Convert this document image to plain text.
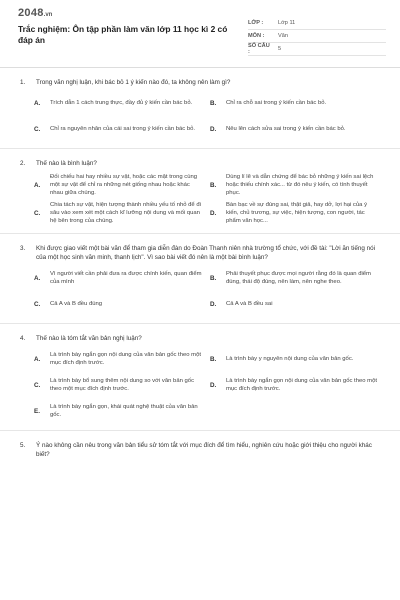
2048.vn
Trắc nghiệm: Ôn tập phần làm văn lớp 11 học kì 2 có đáp án
LỚP :	Lớp 11
MÔN :	Văn
SỐ CÂU :	5
1.	Trong văn nghị luận, khi bác bỏ 1 ý kiến nào đó, ta không nên làm gì?
A.	Trích dẫn 1 cách trung thực, đầy đủ ý kiến cần bác bỏ.	B.	Chỉ ra chỗ sai trong ý kiến cần bác bỏ.
C.	Chỉ ra nguyên nhân của cái sai trong ý kiến cần bác bỏ. D.	Nêu lên cách sửa sai trong ý kiến cần bác bỏ.
2.	Thế nào là bình luận?
A.
Đối chiếu hai hay nhiều sự vật, hoặc các mặt trong cùng một sự vật để chỉ ra những nét giống nhau hoặc khác nhau giữa chúng.
B.
Dùng lí lẽ và dẫn chứng để bác bỏ những ý kiến sai lệch hoặc thiếu chính xác... từ đó nêu ý kiến, có tính thuyết phục.
C.
Chia tách sự vật, hiện tượng thành nhiều yếu tố nhỏ để đi sâu vào xem xét một cách kĩ lưỡng nội dung và mối quan hệ bên trong của chúng.
D.
Bàn bạc về sự đúng sai, thật giả, hay dở, lợi hại của ý kiến, chủ trương, sự việc, hiện tượng, con người, tác phẩm văn học...
3.	Khi được giao viết một bài văn để tham gia diễn đàn do Đoàn Thanh niên nhà trường tổ chức, với đề tài: "Lời ăn tiếng nói của một học sinh văn minh, thanh lịch". Vì sao bài viết đó nên là một bài bình luận?
A.
Vì người viết cần phải đưa ra được chính kiến, quan điểm của mình
B.
Phải thuyết phục được mọi người rằng đó là quan điểm đúng, thái độ đúng, nên làm, nên nghe theo.
C.	Cả A và B đều đúng	D.	Cả A và B đều sai
4.	Thế nào là tóm tắt văn bản nghị luận?
A.
Là trình bày ngắn gọn nội dung của văn bản gốc theo một mục đích định trước.
B.	Là trình bày y nguyên nội dung của văn bản gốc.
C.
Là trình bày bổ sung thêm nội dung so với văn bản gốc theo một mục đích định trước.
D.
Là trình bày ngắn gọn nội dung của văn bản gốc theo một mục đích định trước.
E.
Là trình bày ngắn gọn, khái quát nghệ thuật của văn bản gốc.
5.	Ý nào không cần nêu trong văn bản tiểu sử tóm tắt với mục đích để tìm hiểu, nghiên cứu hoặc giới thiệu cho người khác biết?
